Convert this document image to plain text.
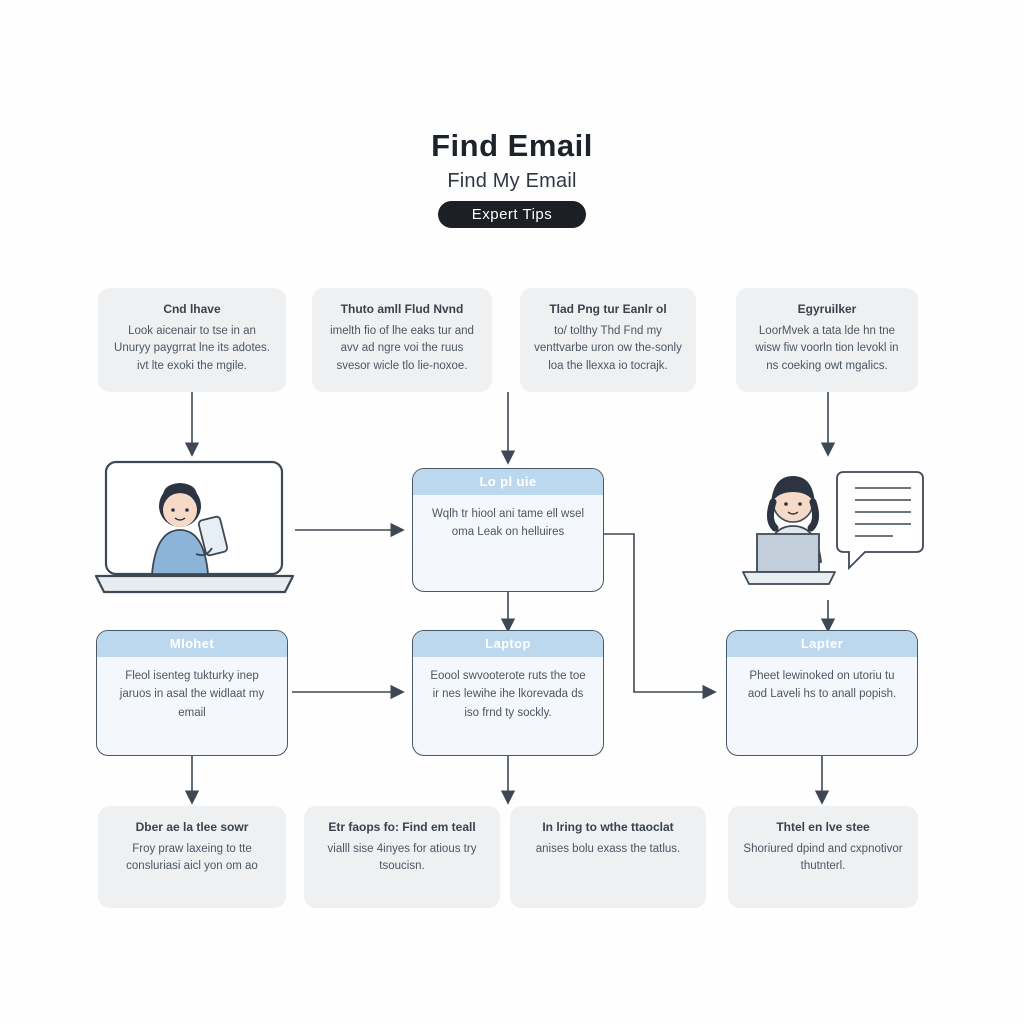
Find Email
Find My Email
Expert Tips
Cnd lhave
Look aicenair to tse in an Unuryy paygrrat lne its adotes. ivt lte exoki the mgile.
Thuto amll Flud Nvnd
imelth fio of lhe eaks tur and avv ad ngre voi the ruus svesor wicle tlo lie-noxoe.
Tlad Png tur Eanlr ol
to/ tolthy Thd Fnd my venttvarbe uron ow the-sonly loa the llexxa io tocrajk.
Egyruilker
LoorMvek a tata lde hn tne wisw fiw voorln tion levokl in ns coeking owt mgalics.
Lo pl uie
Wqlh tr hiool ani tame ell wsel oma Leak on helluires
Mlohet
Fleol isenteg tukturky inep jaruos in asal the widlaat my email
Laptop
Eoool swvooterote ruts the toe ir nes lewihe ihe lkorevada ds iso frnd ty sockly.
Lapter
Pheet lewinoked on utoriu tu aod Laveli hs to anall popish.
Dber ae la tlee sowr
Froy praw laxeing to tte consluriasi aicl yon om ao
Etr faops fo: Find em teall
vialll sise 4inyes for atious try tsoucisn.
In lring to wthe ttaoclat
anises bolu exass the tatlus.
Thtel en lve stee
Shoriured dpind and cxpnotivor thutnterl.
